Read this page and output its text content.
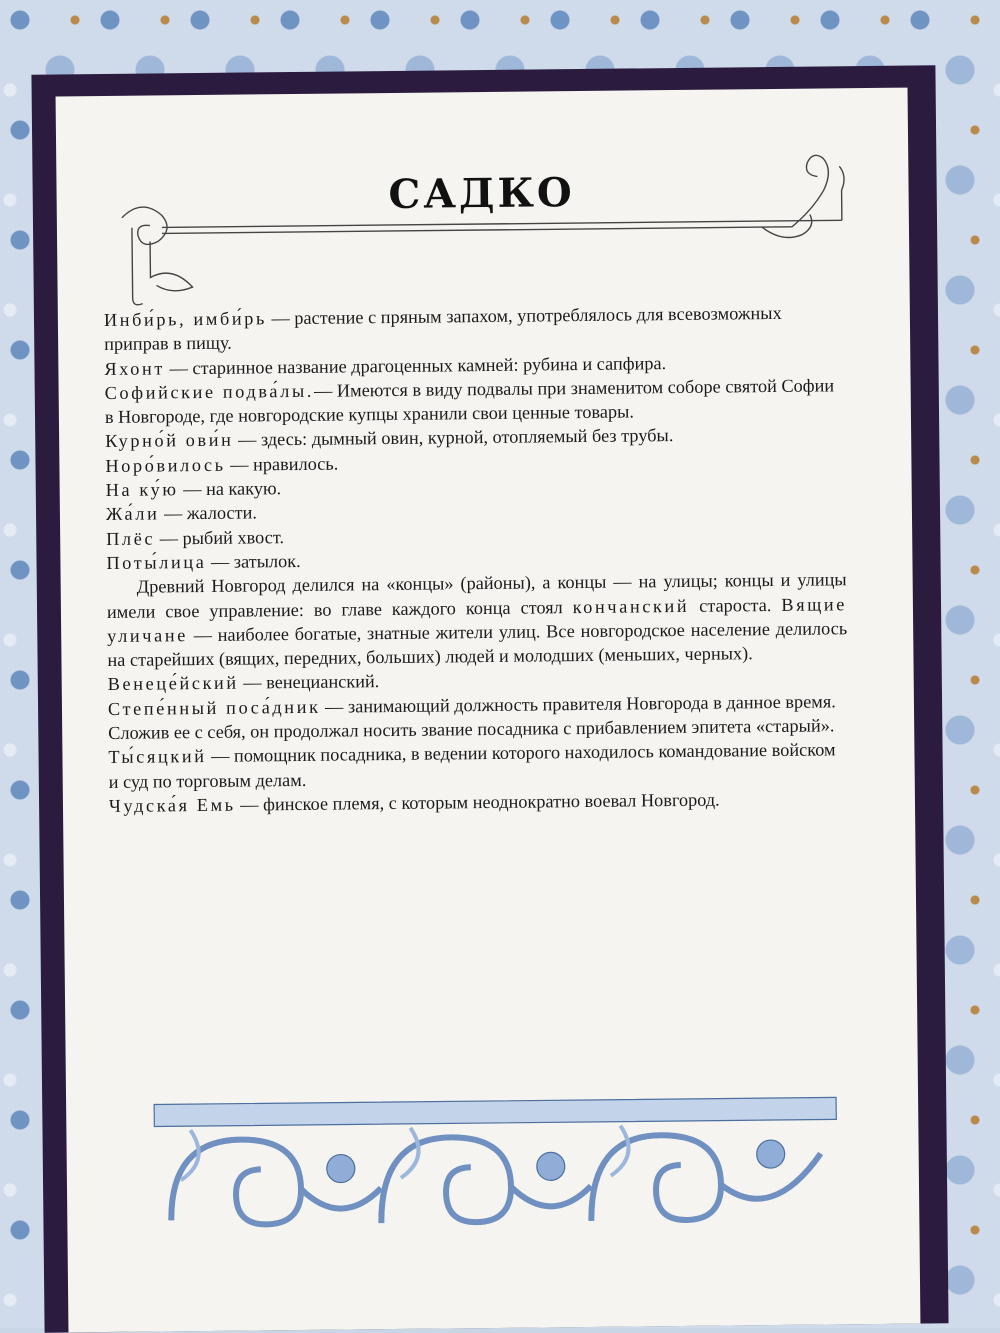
САДКО

Инби́рь, имби́рь — растение с пряным запахом, употреблялось для всевозможных приправ в пищу.

Яхонт — старинное название драгоценных камней: рубина и сапфира.

Софийские подва́лы.— Имеются в виду подвалы при знаменитом соборе святой Софии в Новгороде, где новгородские купцы хранили свои ценные товары.

Курно́й ови́н — здесь: дымный овин, курной, отопляемый без трубы.

Норо́вилось — нравилось.

На ку́ю — на какую.

Жа́ли — жалости.

Плёс — рыбий хвост.

Поты́лица — затылок.

Древний Новгород делился на «концы» (районы), а концы — на улицы; концы и улицы имели свое управление: во главе каждого конца стоял кончанский староста. Вящие уличане — наиболее богатые, знатные жители улиц. Все новгородское население делилось на старейших (вящих, передних, больших) людей и молодших (меньших, черных).

Венеце́йский — венецианский.

Степе́нный поса́дник — занимающий должность правителя Новгорода в данное время. Сложив ее с себя, он продолжал носить звание посадника с прибавлением эпитета «старый».

Ты́сяцкий — помощник посадника, в ведении которого находилось командование войском и суд по торговым делам.

Чудска́я Емь — финское племя, с которым неоднократно воевал Новгород.
